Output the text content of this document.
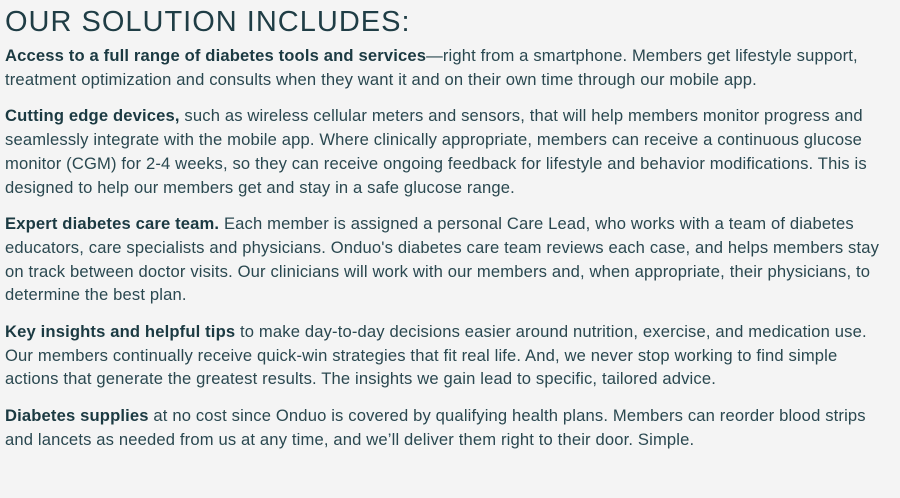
OUR SOLUTION INCLUDES:

Access to a full range of diabetes tools and services—right from a smartphone. Members get lifestyle support, treatment optimization and consults when they want it and on their own time through our mobile app.

Cutting edge devices, such as wireless cellular meters and sensors, that will help members monitor progress and seamlessly integrate with the mobile app. Where clinically appropriate, members can receive a continuous glucose monitor (CGM) for 2-4 weeks, so they can receive ongoing feedback for lifestyle and behavior modifications. This is designed to help our members get and stay in a safe glucose range.

Expert diabetes care team. Each member is assigned a personal Care Lead, who works with a team of diabetes educators, care specialists and physicians. Onduo's diabetes care team reviews each case, and helps members stay on track between doctor visits. Our clinicians will work with our members and, when appropriate, their physicians, to determine the best plan.

Key insights and helpful tips to make day-to-day decisions easier around nutrition, exercise, and medication use. Our members continually receive quick-win strategies that fit real life. And, we never stop working to find simple actions that generate the greatest results. The insights we gain lead to specific, tailored advice.

Diabetes supplies at no cost since Onduo is covered by qualifying health plans. Members can reorder blood strips and lancets as needed from us at any time, and we’ll deliver them right to their door. Simple.
